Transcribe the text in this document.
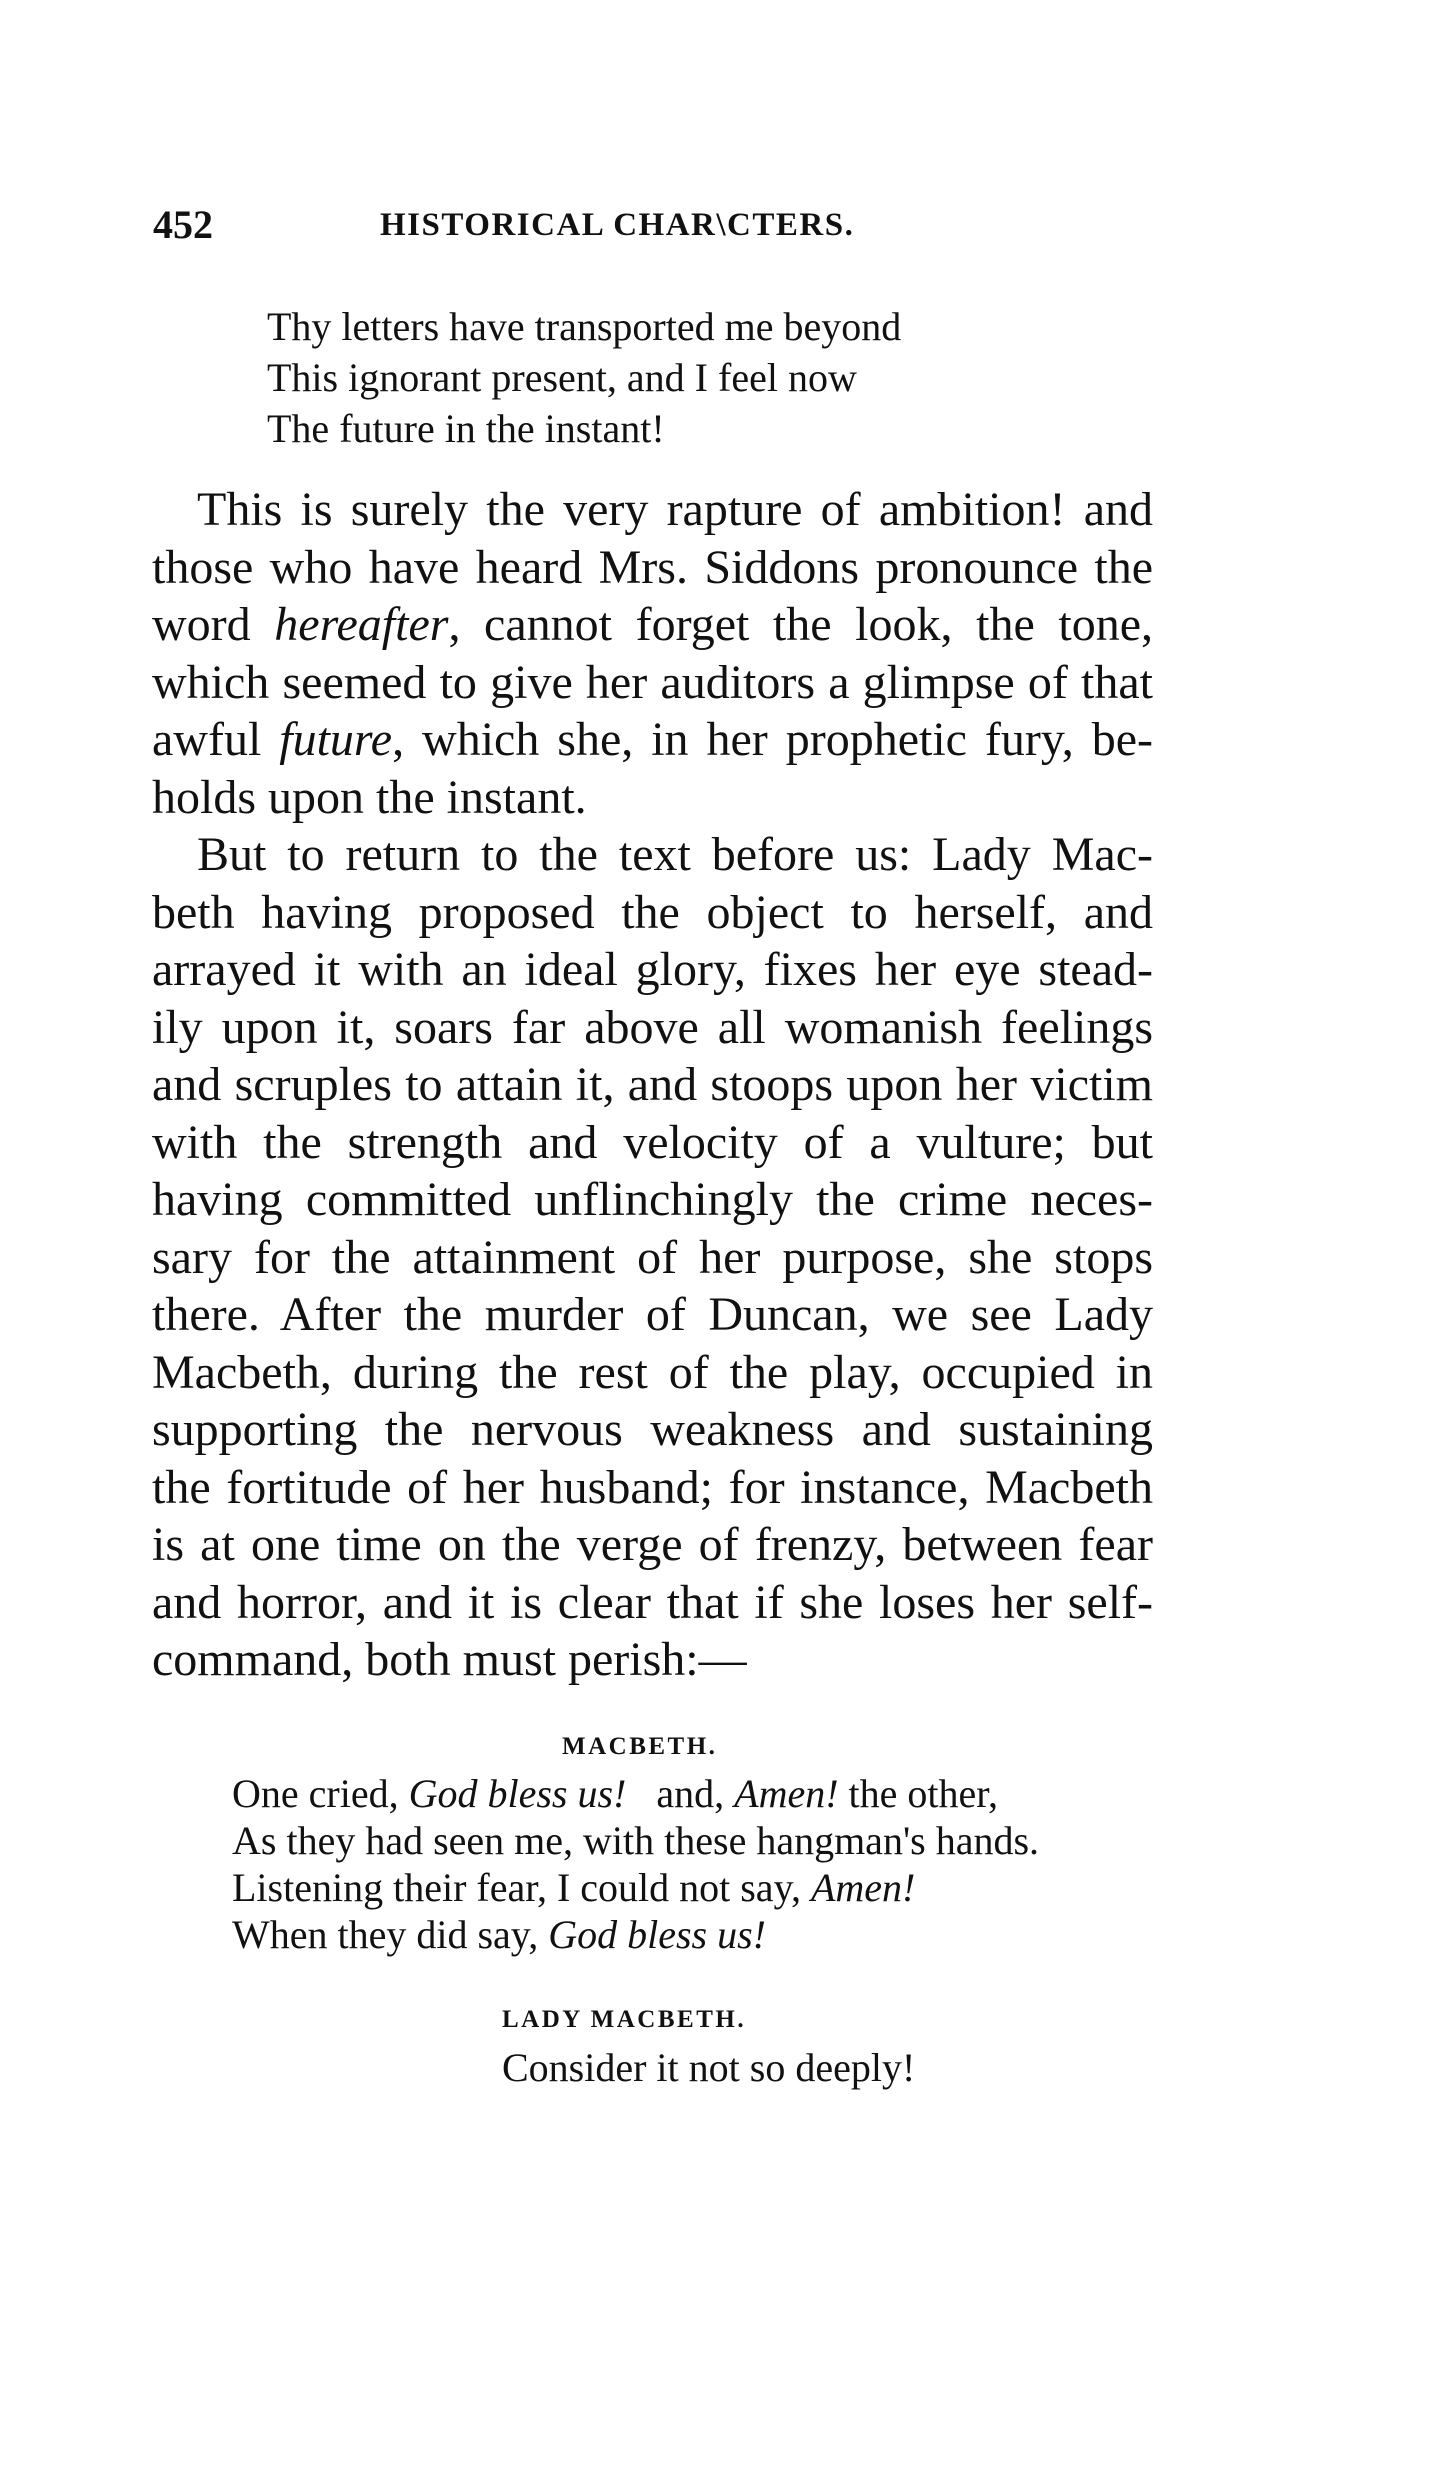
452	HISTORICAL CHAR\CTERS.
Thy letters have transported me beyond
This ignorant present, and I feel now
The future in the instant!
This is surely the very rapture of ambition! and
those who have heard Mrs. Siddons pronounce the
word hereafter, cannot forget the look, the tone,
which seemed to give her auditors a glimpse of that
awful future, which she, in her prophetic fury, be-
holds upon the instant.
But to return to the text before us: Lady Mac-
beth having proposed the object to herself, and
arrayed it with an ideal glory, fixes her eye stead-
ily upon it, soars far above all womanish feelings
and scruples to attain it, and stoops upon her victim
with the strength and velocity of a vulture; but
having committed unflinchingly the crime neces-
sary for the attainment of her purpose, she stops
there. After the murder of Duncan, we see Lady
Macbeth, during the rest of the play, occupied in
supporting the nervous weakness and sustaining
the fortitude of her husband; for instance, Macbeth
is at one time on the verge of frenzy, between fear
and horror, and it is clear that if she loses her self-
command, both must perish:—
MACBETH.
One cried, God bless us!   and, Amen! the other,
As they had seen me, with these hangman's hands.
Listening their fear, I could not say, Amen!
When they did say, God bless us!
LADY MACBETH.
Consider it not so deeply!
